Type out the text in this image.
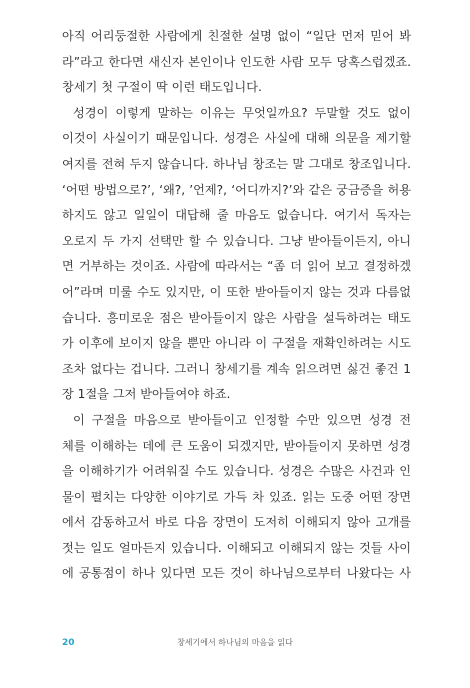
아직 어리둥절한 사람에게 친절한 설명 없이 “일단 먼저 믿어 봐
라”라고 한다면 새신자 본인이나 인도한 사람 모두 당혹스럽겠죠.
창세기 첫 구절이 딱 이런 태도입니다.
성경이 이렇게 말하는 이유는 무엇일까요? 두말할 것도 없이
이것이 사실이기 때문입니다. 성경은 사실에 대해 의문을 제기할
여지를 전혀 두지 않습니다. 하나님 창조는 말 그대로 창조입니다.
‘어떤 방법으로?’, ‘왜?, ’언제?, ‘어디까지?’와 같은 궁금증을 허용
하지도 않고 일일이 대답해 줄 마음도 없습니다. 여기서 독자는
오로지 두 가지 선택만 할 수 있습니다. 그냥 받아들이든지, 아니
면 거부하는 것이죠. 사람에 따라서는 “좀 더 읽어 보고 결정하겠
어”라며 미룰 수도 있지만, 이 또한 받아들이지 않는 것과 다름없
습니다. 흥미로운 점은 받아들이지 않은 사람을 설득하려는 태도
가 이후에 보이지 않을 뿐만 아니라 이 구절을 재확인하려는 시도
조차 없다는 겁니다. 그러니 창세기를 계속 읽으려면 싫건 좋건 1
장 1절을 그저 받아들여야 하죠.
이 구절을 마음으로 받아들이고 인정할 수만 있으면 성경 전
체를 이해하는 데에 큰 도움이 되겠지만, 받아들이지 못하면 성경
을 이해하기가 어려워질 수도 있습니다. 성경은 수많은 사건과 인
물이 펼치는 다양한 이야기로 가득 차 있죠. 읽는 도중 어떤 장면
에서 감동하고서 바로 다음 장면이 도저히 이해되지 않아 고개를
젓는 일도 얼마든지 있습니다. 이해되고 이해되지 않는 것들 사이
에 공통점이 하나 있다면 모든 것이 하나님으로부터 나왔다는 사
20	창세기에서 하나님의 마음을 읽다
